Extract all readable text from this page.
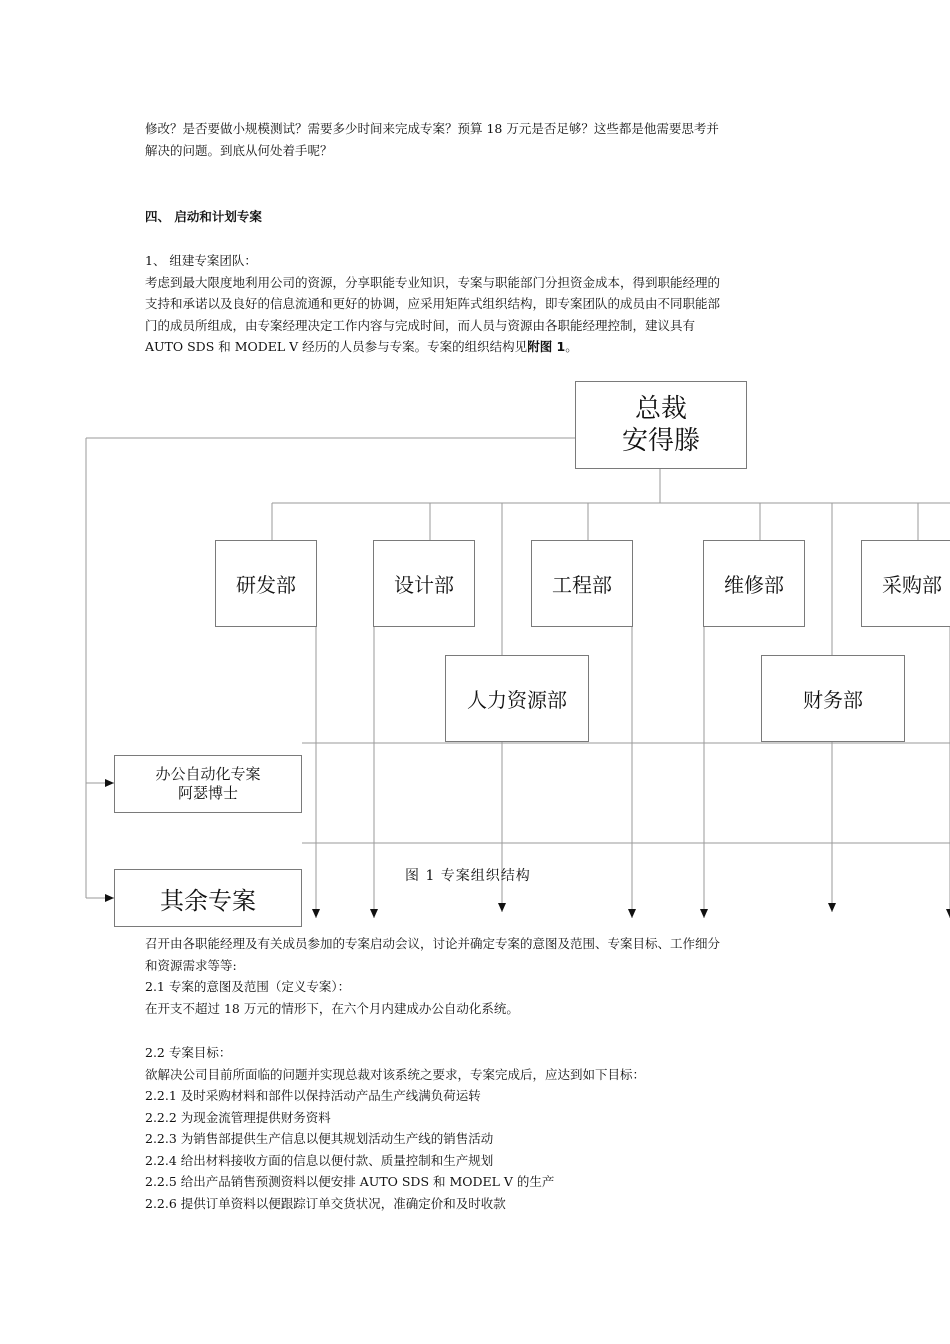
修改？是否要做小规模测试？需要多少时间来完成专案？预算 18 万元是否足够？这些都是他需要思考并
解决的问题。到底从何处着手呢？
四、 启动和计划专案
1、 组建专案团队：
考虑到最大限度地利用公司的资源，分享职能专业知识，专案与职能部门分担资金成本，得到职能经理的
支持和承诺以及良好的信息流通和更好的协调，应采用矩阵式组织结构，即专案团队的成员由不同职能部
门的成员所组成，由专案经理决定工作内容与完成时间，而人员与资源由各职能经理控制，建议具有
AUTO SDS 和 MODEL V 经历的人员参与专案。专案的组织结构见附图 1。
总裁
安得滕
研发部	设计部	工程部	维修部	采购部
人力资源部	财务部
办公自动化专案
阿瑟博士
其余专案
图 1 专案组织结构
召开由各职能经理及有关成员参加的专案启动会议，讨论并确定专案的意图及范围、专案目标、工作细分
和资源需求等等:
2.1 专案的意图及范围（定义专案）：
在开支不超过 18 万元的情形下，在六个月内建成办公自动化系统。
2.2 专案目标：
欲解决公司目前所面临的问题并实现总裁对该系统之要求，专案完成后，应达到如下目标：
2.2.1 及时采购材料和部件以保持活动产品生产线满负荷运转
2.2.2 为现金流管理提供财务资料
2.2.3 为销售部提供生产信息以便其规划活动生产线的销售活动
2.2.4 给出材料接收方面的信息以便付款、质量控制和生产规划
2.2.5 给出产品销售预测资料以便安排 AUTO SDS 和 MODEL V 的生产
2.2.6 提供订单资料以便跟踪订单交货状况，准确定价和及时收款
